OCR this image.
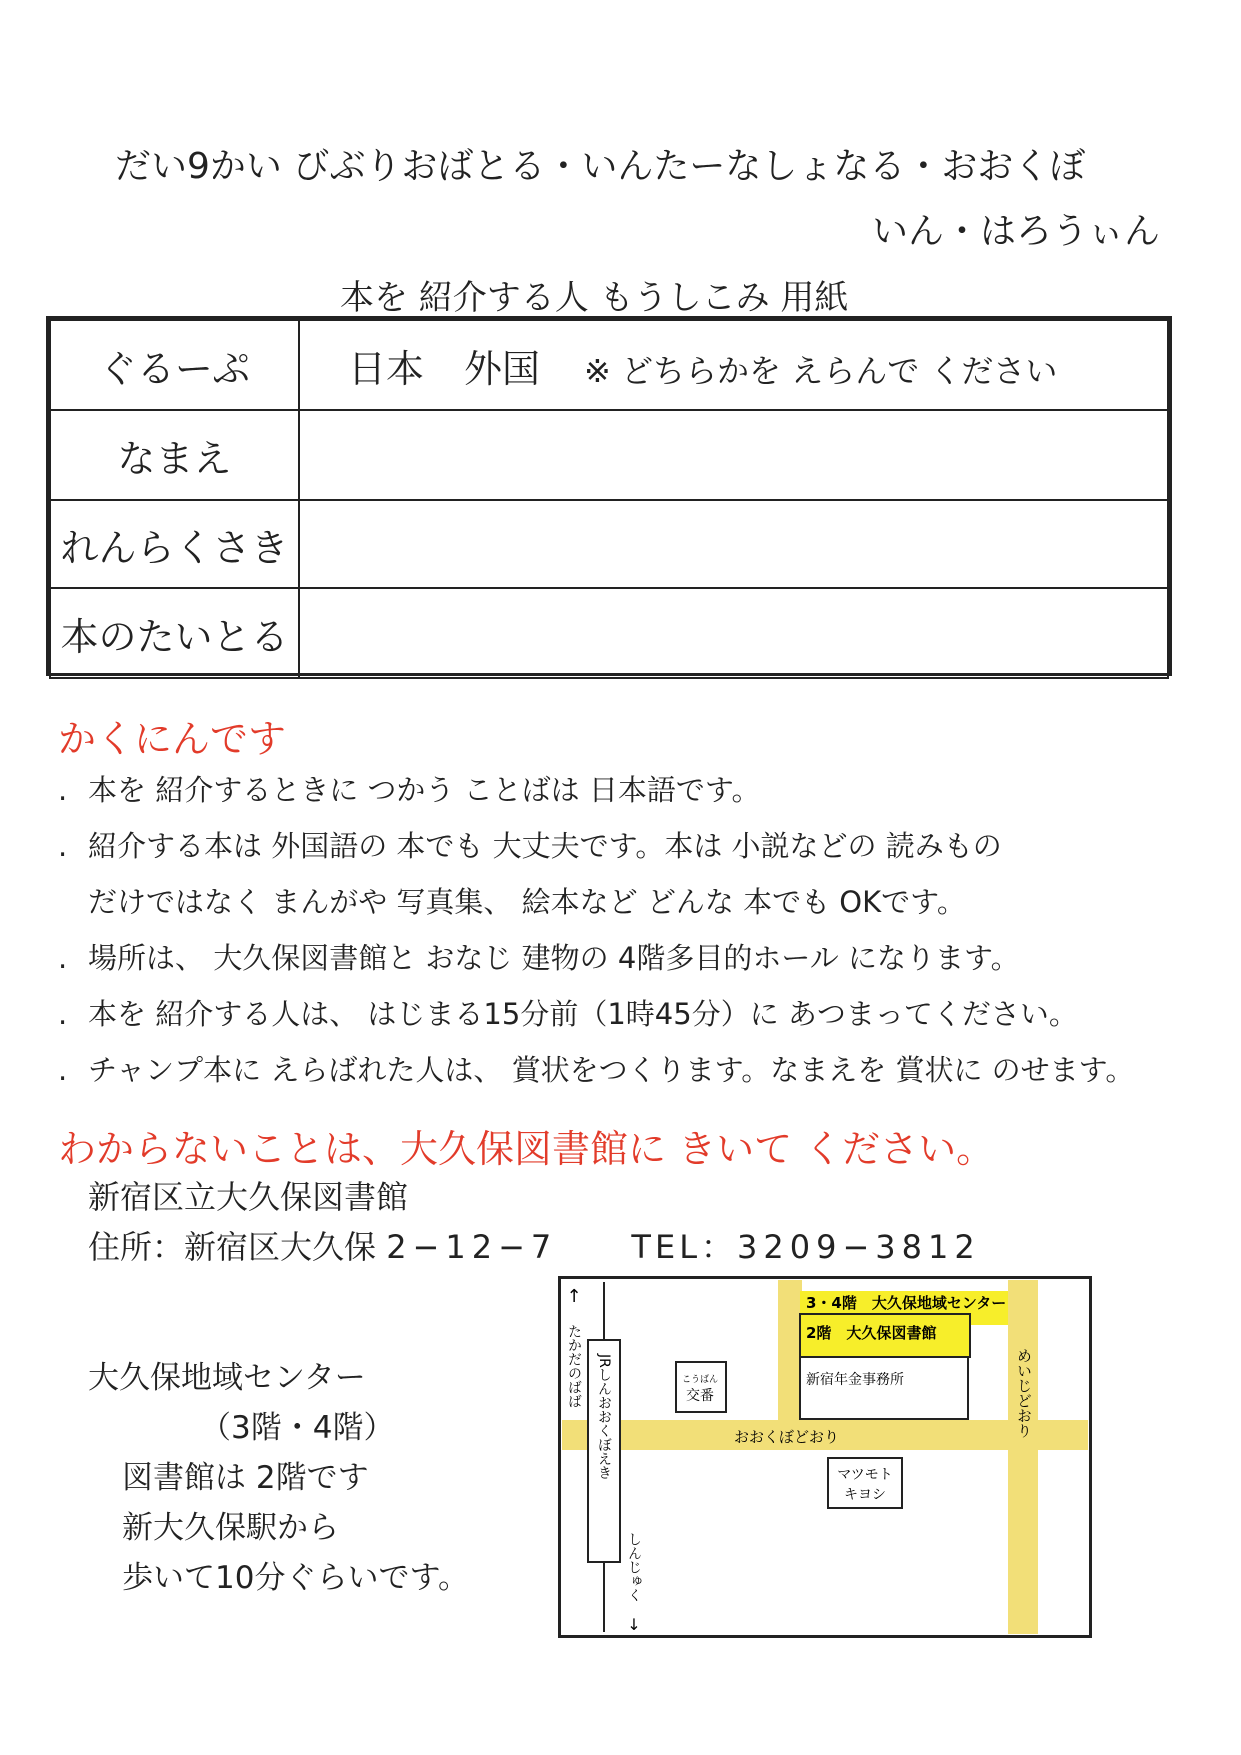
だい9かい びぶりおばとる・いんたーなしょなる・おおくぼ
いん・はろうぃん
本を 紹介する人 もうしこみ 用紙
ぐるーぷ	日本 外国 ※ どちらかを えらんで ください
なまえ	
れんらくさき	
本のたいとる	
かくにんです
. 本を 紹介するときに つかう ことばは 日本語です。
. 紹介する本は 外国語の 本でも 大丈夫です。本は 小説などの 読みもの
だけではなく まんがや 写真集、 絵本など どんな 本でも OKです。
. 場所は、 大久保図書館と おなじ 建物の 4階多目的ホール になります。
. 本を 紹介する人は、 はじまる15分前（1時45分）に あつまってください。
. チャンプ本に えらばれた人は、 賞状をつくります。なまえを 賞状に のせます。
わからないことは、大久保図書館に きいて ください。
新宿区立大久保図書館
住所：新宿区大久保 2−12−7 TEL：3209−3812
大久保地域センター
（3階・4階）
図書館は 2階です
新大久保駅から
歩いて10分ぐらいです。
↑
たかだのばば JRしんおおくぼえき
しんじゅく
↓
3・4階　大久保地域センター
2階　大久保図書館
新宿年金事務所
こうばん
交番
おおくぼどおり	めいじどおり
マツモト
キヨシ
